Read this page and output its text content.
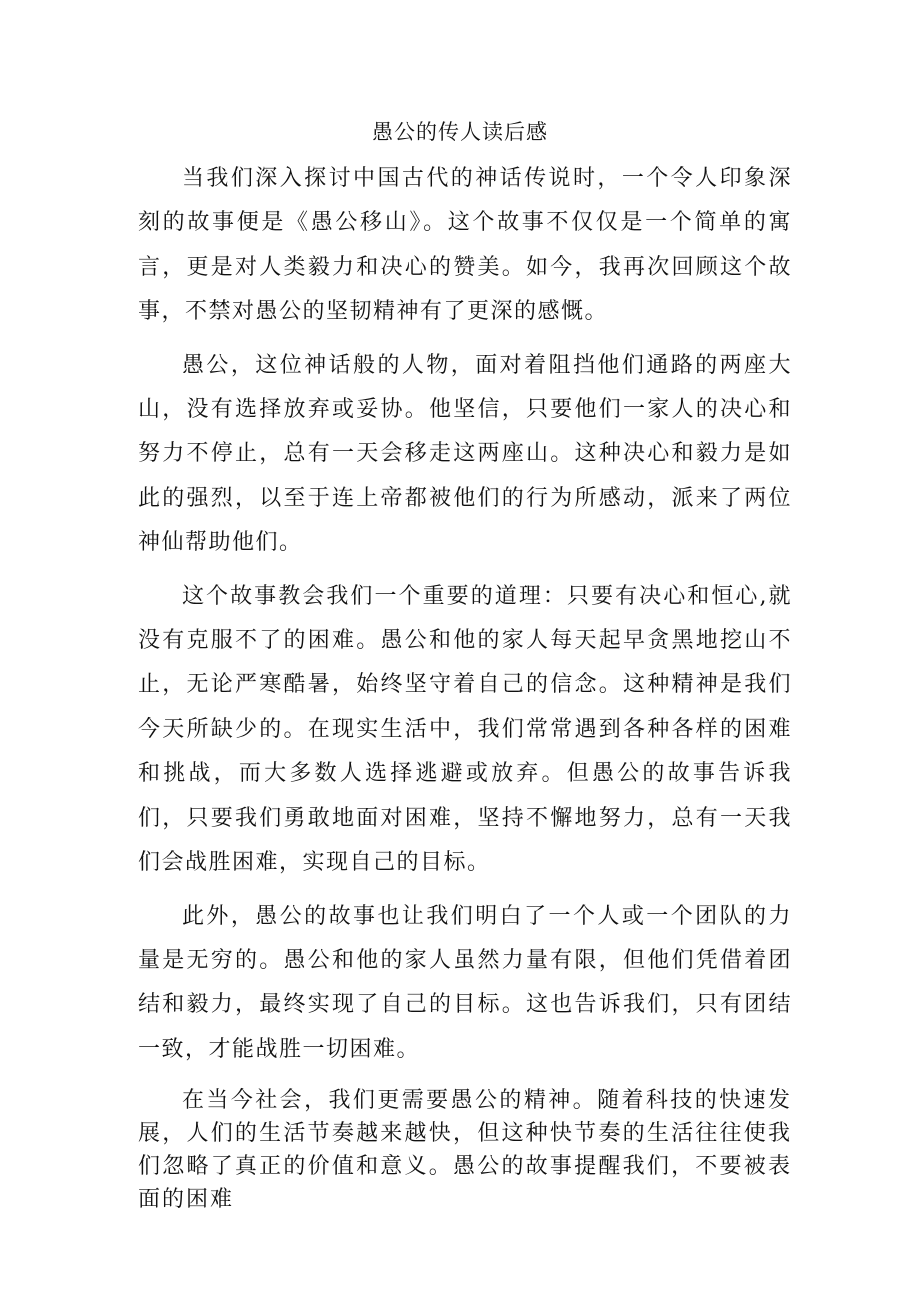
愚公的传人读后感

当我们深入探讨中国古代的神话传说时，一个令人印象深刻的故事便是《愚公移山》。这个故事不仅仅是一个简单的寓言，更是对人类毅力和决心的赞美。如今，我再次回顾这个故事，不禁对愚公的坚韧精神有了更深的感慨。

愚公，这位神话般的人物，面对着阻挡他们通路的两座大山，没有选择放弃或妥协。他坚信，只要他们一家人的决心和努力不停止，总有一天会移走这两座山。这种决心和毅力是如此的强烈，以至于连上帝都被他们的行为所感动，派来了两位神仙帮助他们。

这个故事教会我们一个重要的道理：只要有决心和恒心,就没有克服不了的困难。愚公和他的家人每天起早贪黑地挖山不止，无论严寒酷暑，始终坚守着自己的信念。这种精神是我们今天所缺少的。在现实生活中，我们常常遇到各种各样的困难和挑战，而大多数人选择逃避或放弃。但愚公的故事告诉我们，只要我们勇敢地面对困难，坚持不懈地努力，总有一天我们会战胜困难，实现自己的目标。

此外，愚公的故事也让我们明白了一个人或一个团队的力量是无穷的。愚公和他的家人虽然力量有限，但他们凭借着团结和毅力，最终实现了自己的目标。这也告诉我们，只有团结一致，才能战胜一切困难。

在当今社会，我们更需要愚公的精神。随着科技的快速发展，人们的生活节奏越来越快，但这种快节奏的生活往往使我们忽略了真正的价值和意义。愚公的故事提醒我们，不要被表面的困难
